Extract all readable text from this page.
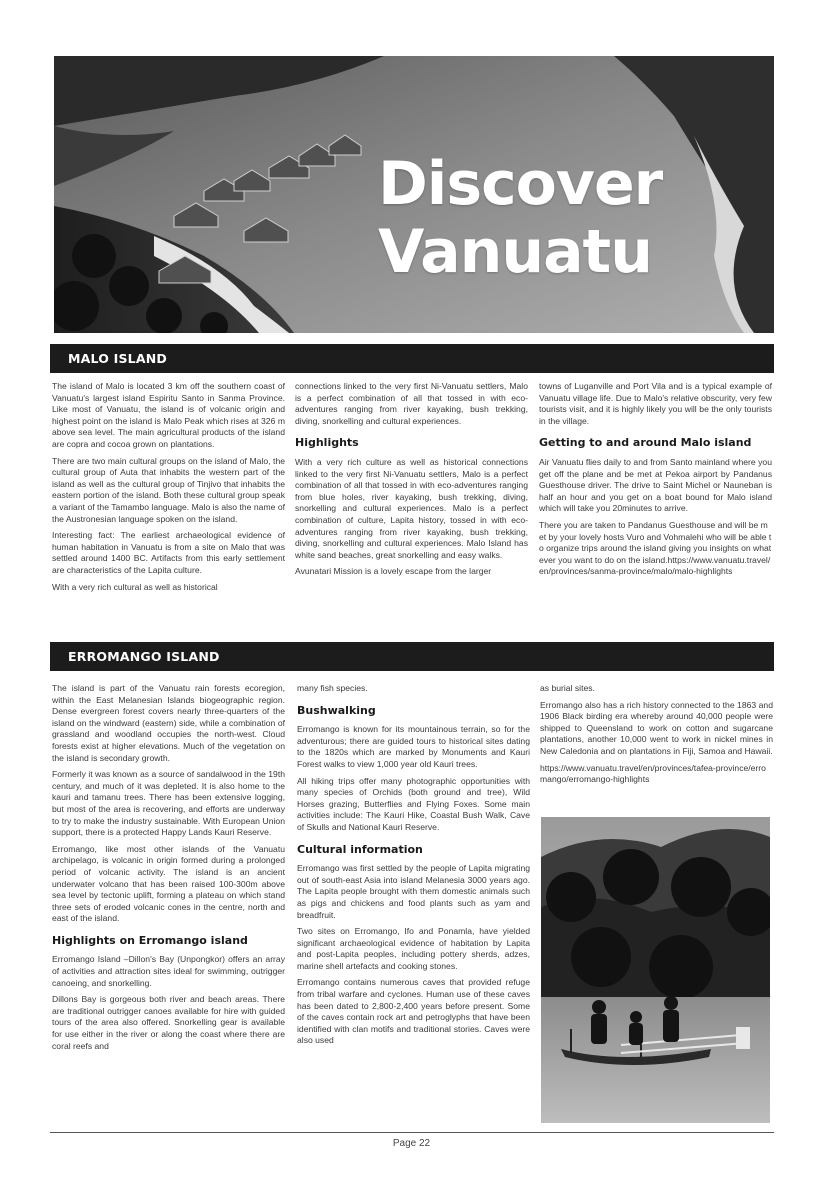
Discover
Vanuatu
MALO ISLAND

The island of Malo is located 3 km off the southern coast of Vanuatu's largest island Espiritu Santo in Sanma Province. Like most of Vanuatu, the island is of volcanic origin and highest point on the island is Malo Peak which rises at 326 m above sea level. The main agricultural products of the island are copra and cocoa grown on plantations.

There are two main cultural groups on the island of Malo, the cultural group of Auta that inhabits the western part of the island as well as the cultural group of Tinjivo that inhabits the eastern portion of the island. Both these cultural group speak a variant of the Tamambo language. Malo is also the name of the Austronesian language spoken on the island.

Interesting fact: The earliest archaeological evidence of human habitation in Vanuatu is from a site on Malo that was settled around 1400 BC. Artifacts from this early settlement are characteristics of the Lapita culture.

With a very rich cultural as well as historical

connections linked to the very first Ni-Vanuatu settlers, Malo is a perfect combination of all that tossed in with eco-adventures ranging from river kayaking, bush trekking, diving, snorkelling and cultural experiences.

Highlights

With a very rich culture as well as historical connections linked to the very first Ni-Vanuatu settlers, Malo is a perfect combination of all that tossed in with eco-adventures ranging from blue holes, river kayaking, bush trekking, diving, snorkelling and cultural experiences. Malo is a perfect combination of culture, Lapita history, tossed in with eco-adventures ranging from river kayaking, bush trekking, diving, snorkelling and cultural experiences. Malo Island has white sand beaches, great snorkelling and easy walks.

Avunatari Mission is a lovely escape from the larger

towns of Luganville and Port Vila and is a typical example of Vanuatu village life. Due to Malo's relative obscurity, very few tourists visit, and it is highly likely you will be the only tourists in the village.

Getting to and around Malo island

Air Vanuatu flies daily to and from Santo mainland where you get off the plane and be met at Pekoa airport by Pandanus Guesthouse driver. The drive to Saint Michel or Nauneban is half an hour and you get on a boat bound for Malo island which will take you 20minutes to arrive.

There you are taken to Pandanus Guesthouse and will be met by your lovely hosts Vuro and Vohmalehi who will be able to organize trips around the island giving you insights on whatever you want to do on the island.https://www.vanuatu.travel/en/provinces/sanma-province/malo/malo-highlights

ERROMANGO ISLAND

The island is part of the Vanuatu rain forests ecoregion, within the East Melanesian Islands biogeographic region. Dense evergreen forest covers nearly three-quarters of the island on the windward (eastern) side, while a combination of grassland and woodland occupies the north-west. Cloud forests exist at higher elevations. Much of the vegetation on the island is secondary growth.

Formerly it was known as a source of sandalwood in the 19th century, and much of it was depleted. It is also home to the kauri and tamanu trees. There has been extensive logging, but most of the area is recovering, and efforts are underway to try to make the industry sustainable. With European Union support, there is a protected Happy Lands Kauri Reserve.

Erromango, like most other islands of the Vanuatu archipelago, is volcanic in origin formed during a prolonged period of volcanic activity. The island is an ancient underwater volcano that has been raised 100-300m above sea level by tectonic uplift, forming a plateau on which stand three sets of eroded volcanic cones in the centre, north and east of the island.

Highlights on Erromango island

Erromango Island –Dillon's Bay (Unpongkor) offers an array of activities and attraction sites ideal for swimming, outrigger canoeing, and snorkelling.

Dillons Bay is gorgeous both river and beach areas. There are traditional outrigger canoes available for hire with guided tours of the area also offered. Snorkelling gear is available for use either in the river or along the coast where there are coral reefs and

many fish species.

Bushwalking

Erromango is known for its mountainous terrain, so for the adventurous; there are guided tours to historical sites dating to the 1820s which are marked by Monuments and Kauri Forest walks to view 1,000 year old Kauri trees.

All hiking trips offer many photographic opportunities with many species of Orchids (both ground and tree), Wild Horses grazing, Butterflies and Flying Foxes. Some main activities include: The Kauri Hike, Coastal Bush Walk, Cave of Skulls and National Kauri Reserve.

Cultural information

Erromango was first settled by the people of Lapita migrating out of south-east Asia into island Melanesia 3000 years ago. The Lapita people brought with them domestic animals such as pigs and chickens and food plants such as yam and breadfruit.

Two sites on Erromango, Ifo and Ponamla, have yielded significant archaeological evidence of habitation by Lapita and post-Lapita peoples, including pottery sherds, adzes, marine shell artefacts and cooking stones.

Erromango contains numerous caves that provided refuge from tribal warfare and cyclones. Human use of these caves has been dated to 2,800-2,400 years before present. Some of the caves contain rock art and petroglyphs that have been identified with clan motifs and traditional stories. Caves were also used

as burial sites.

Erromango also has a rich history connected to the 1863 and 1906 Black birding era whereby around 40,000 people were shipped to Queensland to work on cotton and sugarcane plantations, another 10,000 went to work in nickel mines in New Caledonia and on plantations in Fiji, Samoa and Hawaii.

https://www.vanuatu.travel/en/provinces/tafea-province/erromango/erromango-highlights

Page 22
